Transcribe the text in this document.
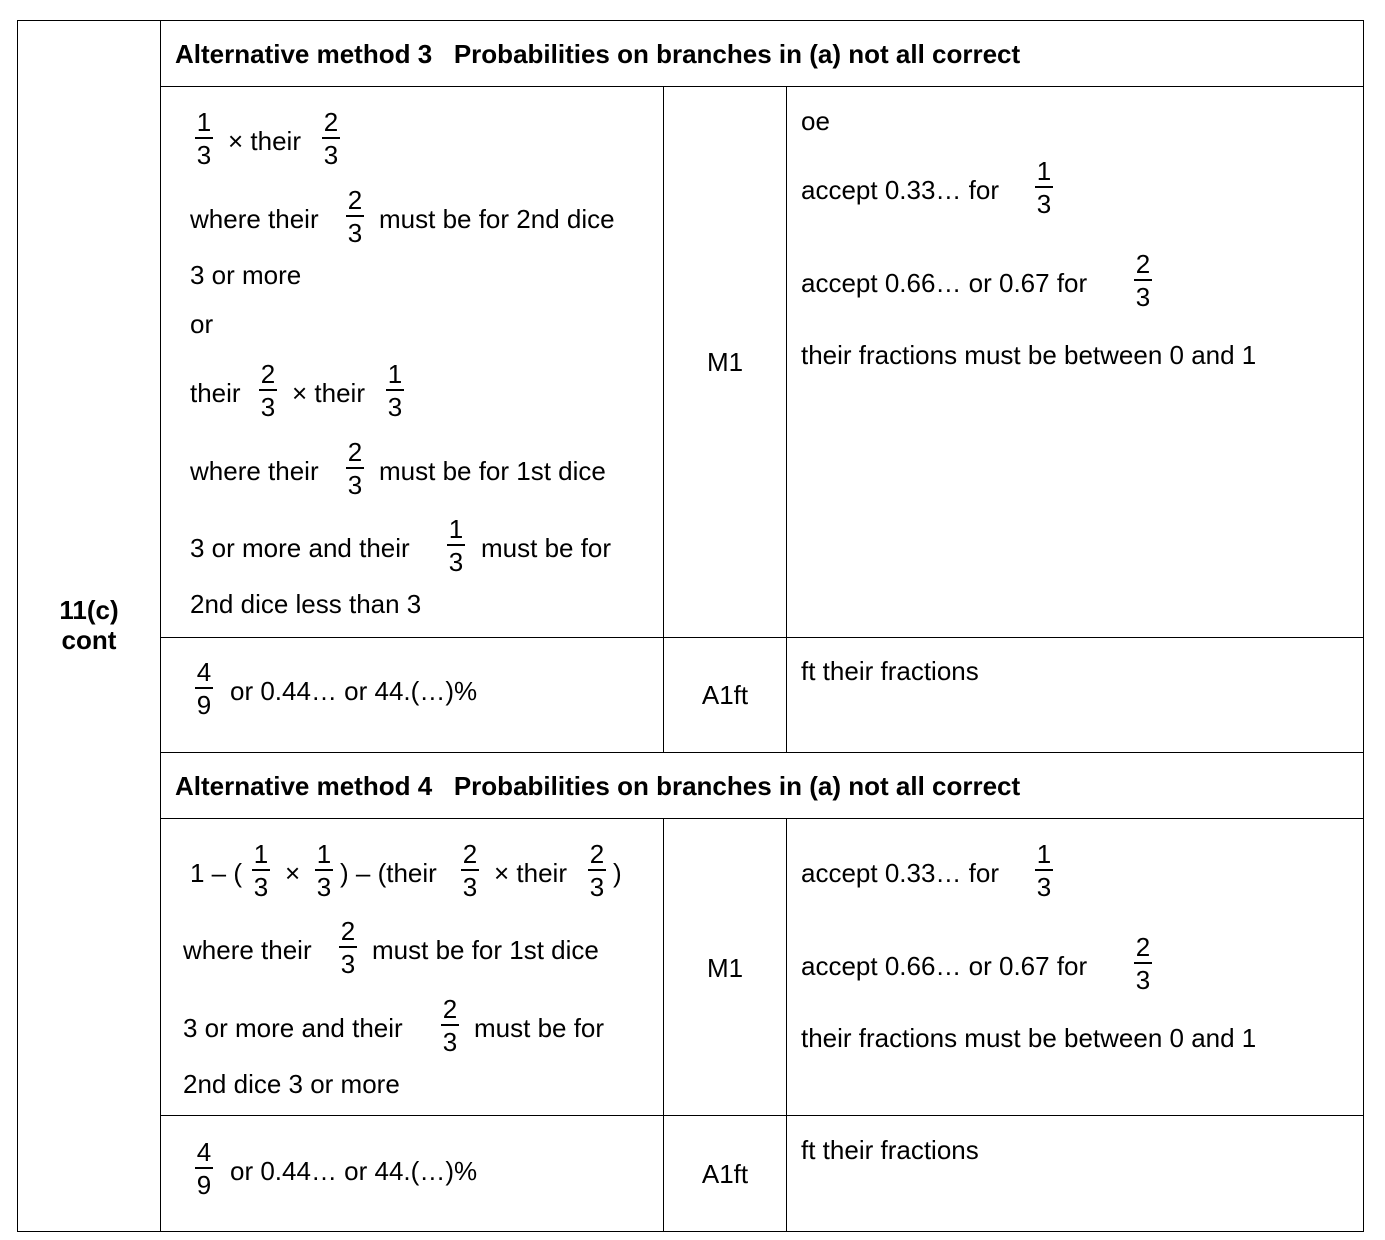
11(c)
cont
Alternative method 3   Probabilities on branches in (a) not all correct
1
3 × their
2
3
where their
2
3 must be for 2nd dice
3 or more
or
their
2
3 × their
1
3
where their
2
3 must be for 1st dice
3 or more and their
1
3 must be for
2nd dice less than 3
M1
oe
accept 0.33… for
1
3
accept 0.66… or 0.67 for
2
3
their fractions must be between 0 and 1
4
9 or 0.44… or 44.(…)%	A1ft
ft their fractions
Alternative method 4   Probabilities on branches in (a) not all correct
1 – (
1
3 ×
1
3 ) – (their
2
3 × their
2
3 )
where their
2
3 must be for 1st dice
3 or more and their
2
3 must be for
2nd dice 3 or more
M1
accept 0.33… for
1
3
accept 0.66… or 0.67 for
2
3
their fractions must be between 0 and 1
4
9 or 0.44… or 44.(…)%	A1ft
ft their fractions
